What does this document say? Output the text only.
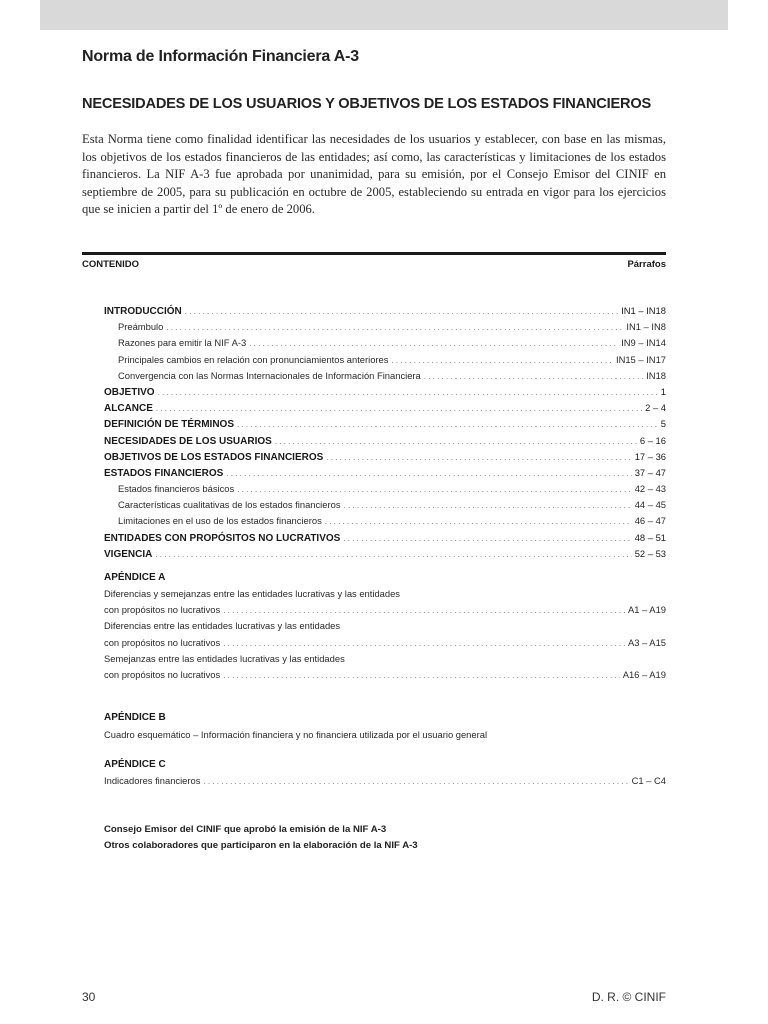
Norma de Información Financiera A-3
NECESIDADES DE LOS USUARIOS Y OBJETIVOS DE LOS ESTADOS FINANCIEROS

Esta Norma tiene como finalidad identificar las necesidades de los usuarios y establecer, con base en las mismas, los objetivos de los estados financieros de las entidades; así como, las características y limitaciones de los estados financieros. La NIF A-3 fue aprobada por unanimidad, para su emisión, por el Consejo Emisor del CINIF en septiembre de 2005, para su publicación en octubre de 2005, estableciendo su entrada en vigor para los ejercicios que se inicien a partir del 1º de enero de 2006.

CONTENIDO	Párrafos
INTRODUCCIÓN . . .	IN1 – IN18
Preámbulo . . .	IN1 – IN8
Razones para emitir la NIF A-3 . . .	IN9 – IN14
Principales cambios en relación con pronunciamientos anteriores . . .	IN15 – IN17
Convergencia con las Normas Internacionales de Información Financiera . . .	IN18
OBJETIVO . . .	1
ALCANCE . . .	2 – 4
DEFINICIÓN DE TÉRMINOS . . .	5
NECESIDADES DE LOS USUARIOS . . .	6 – 16
OBJETIVOS DE LOS ESTADOS FINANCIEROS . . .	17 – 36
ESTADOS FINANCIEROS . . .	37 – 47
Estados financieros básicos . . .	42 – 43
Características cualitativas de los estados financieros . . .	44 – 45
Limitaciones en el uso de los estados financieros . . .	46 – 47
ENTIDADES CON PROPÓSITOS NO LUCRATIVOS . . .	48 – 51
VIGENCIA . . .	52 – 53
APÉNDICE A
Diferencias y semejanzas entre las entidades lucrativas y las entidades
con propósitos no lucrativos . . .	A1 – A19
Diferencias entre las entidades lucrativas y las entidades
con propósitos no lucrativos . . .	A3 – A15
Semejanzas entre las entidades lucrativas y las entidades
con propósitos no lucrativos . . .	A16 – A19
APÉNDICE B
Cuadro esquemático – Información financiera y no financiera utilizada por el usuario general
APÉNDICE C
Indicadores financieros . . .	C1 – C4
Consejo Emisor del CINIF que aprobó la emisión de la NIF A-3
Otros colaboradores que participaron en la elaboración de la NIF A-3
30	D. R. © CINIF
